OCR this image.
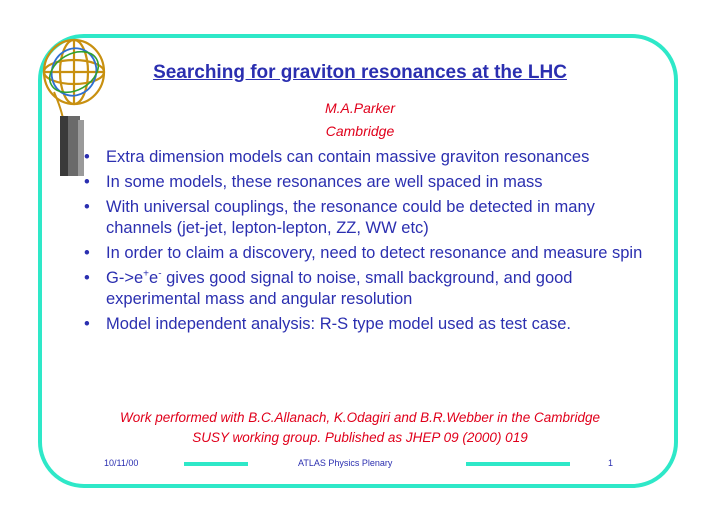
Searching for graviton resonances at the LHC
M.A.Parker
Cambridge
• Extra dimension models can contain massive graviton resonances
• In some models, these resonances are well spaced in mass
• With universal couplings, the resonance could be detected in many channels (jet-jet, lepton-lepton, ZZ, WW etc)
• In order to claim a discovery, need to detect resonance and measure spin
• G->e+e- gives good signal to noise, small background, and good experimental mass and angular resolution
• Model independent analysis: R-S type model used as test case.
Work performed with B.C.Allanach, K.Odagiri and B.R.Webber in the Cambridge
SUSY working group. Published as JHEP 09 (2000) 019
10/11/00	ATLAS Physics Plenary	1
